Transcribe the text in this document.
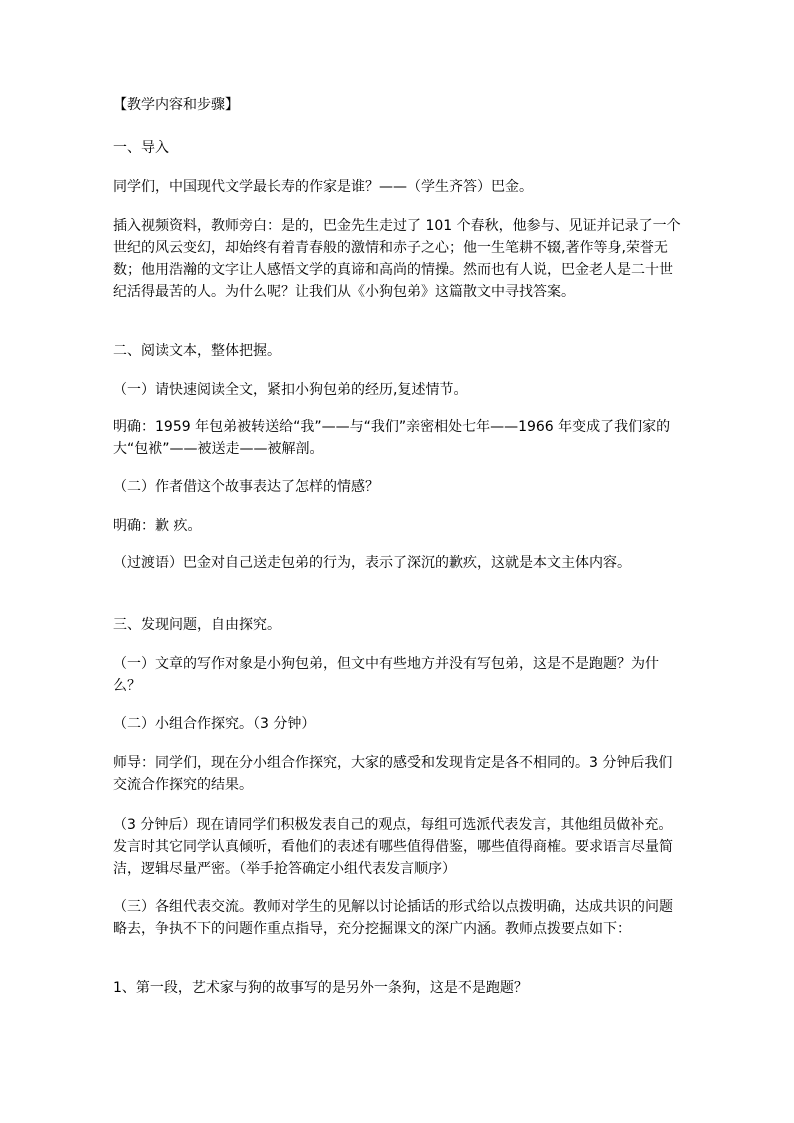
【教学内容和步骤】

一、导入

同学们，中国现代文学最长寿的作家是谁？——（学生齐答）巴金。

插入视频资料，教师旁白：是的，巴金先生走过了 101 个春秋，他参与、见证并记录了一个世纪的风云变幻，却始终有着青春般的激情和赤子之心；他一生笔耕不辍,著作等身,荣誉无数；他用浩瀚的文字让人感悟文学的真谛和高尚的情操。然而也有人说，巴金老人是二十世纪活得最苦的人。为什么呢？让我们从《小狗包弟》这篇散文中寻找答案。

二、阅读文本，整体把握。

（一）请快速阅读全文，紧扣小狗包弟的经历,复述情节。

明确：1959 年包弟被转送给“我”——与“我们”亲密相处七年——1966 年变成了我们家的大“包袱”——被送走——被解剖。

（二）作者借这个故事表达了怎样的情感？

明确：歉 疚。

（过渡语）巴金对自己送走包弟的行为，表示了深沉的歉疚，这就是本文主体内容。

三、发现问题，自由探究。

（一）文章的写作对象是小狗包弟，但文中有些地方并没有写包弟，这是不是跑题？为什么？

（二）小组合作探究。（3 分钟）

师导：同学们，现在分小组合作探究，大家的感受和发现肯定是各不相同的。3 分钟后我们交流合作探究的结果。

（3 分钟后）现在请同学们积极发表自己的观点，每组可选派代表发言，其他组员做补充。发言时其它同学认真倾听，看他们的表述有哪些值得借鉴，哪些值得商榷。要求语言尽量简洁，逻辑尽量严密。（举手抢答确定小组代表发言顺序）

（三）各组代表交流。教师对学生的见解以讨论插话的形式给以点拨明确，达成共识的问题略去，争执不下的问题作重点指导，充分挖掘课文的深广内涵。教师点拨要点如下：

1、第一段，艺术家与狗的故事写的是另外一条狗，这是不是跑题？
